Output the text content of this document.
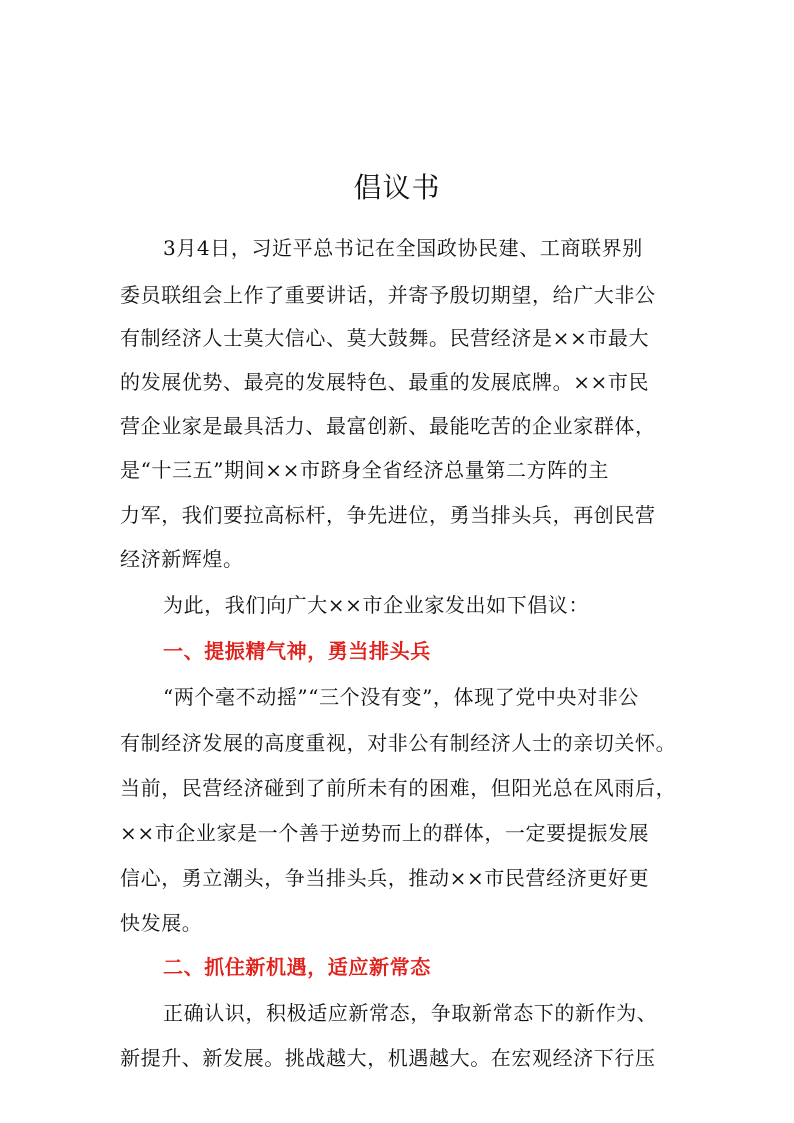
倡议书
3月4日，习近平总书记在全国政协民建、工商联界别
委员联组会上作了重要讲话，并寄予殷切期望，给广大非公
有制经济人士莫大信心、莫大鼓舞。民营经济是××市最大
的发展优势、最亮的发展特色、最重的发展底牌。××市民
营企业家是最具活力、最富创新、最能吃苦的企业家群体，
是“十三五”期间××市跻身全省经济总量第二方阵的主
力军，我们要拉高标杆，争先进位，勇当排头兵，再创民营
经济新辉煌。
为此，我们向广大××市企业家发出如下倡议：
一、提振精气神，勇当排头兵
“两个毫不动摇”“三个没有变”，体现了党中央对非公
有制经济发展的高度重视，对非公有制经济人士的亲切关怀。
当前，民营经济碰到了前所未有的困难，但阳光总在风雨后，
××市企业家是一个善于逆势而上的群体，一定要提振发展
信心，勇立潮头，争当排头兵，推动××市民营经济更好更
快发展。
二、抓住新机遇，适应新常态
正确认识，积极适应新常态，争取新常态下的新作为、
新提升、新发展。挑战越大，机遇越大。在宏观经济下行压
